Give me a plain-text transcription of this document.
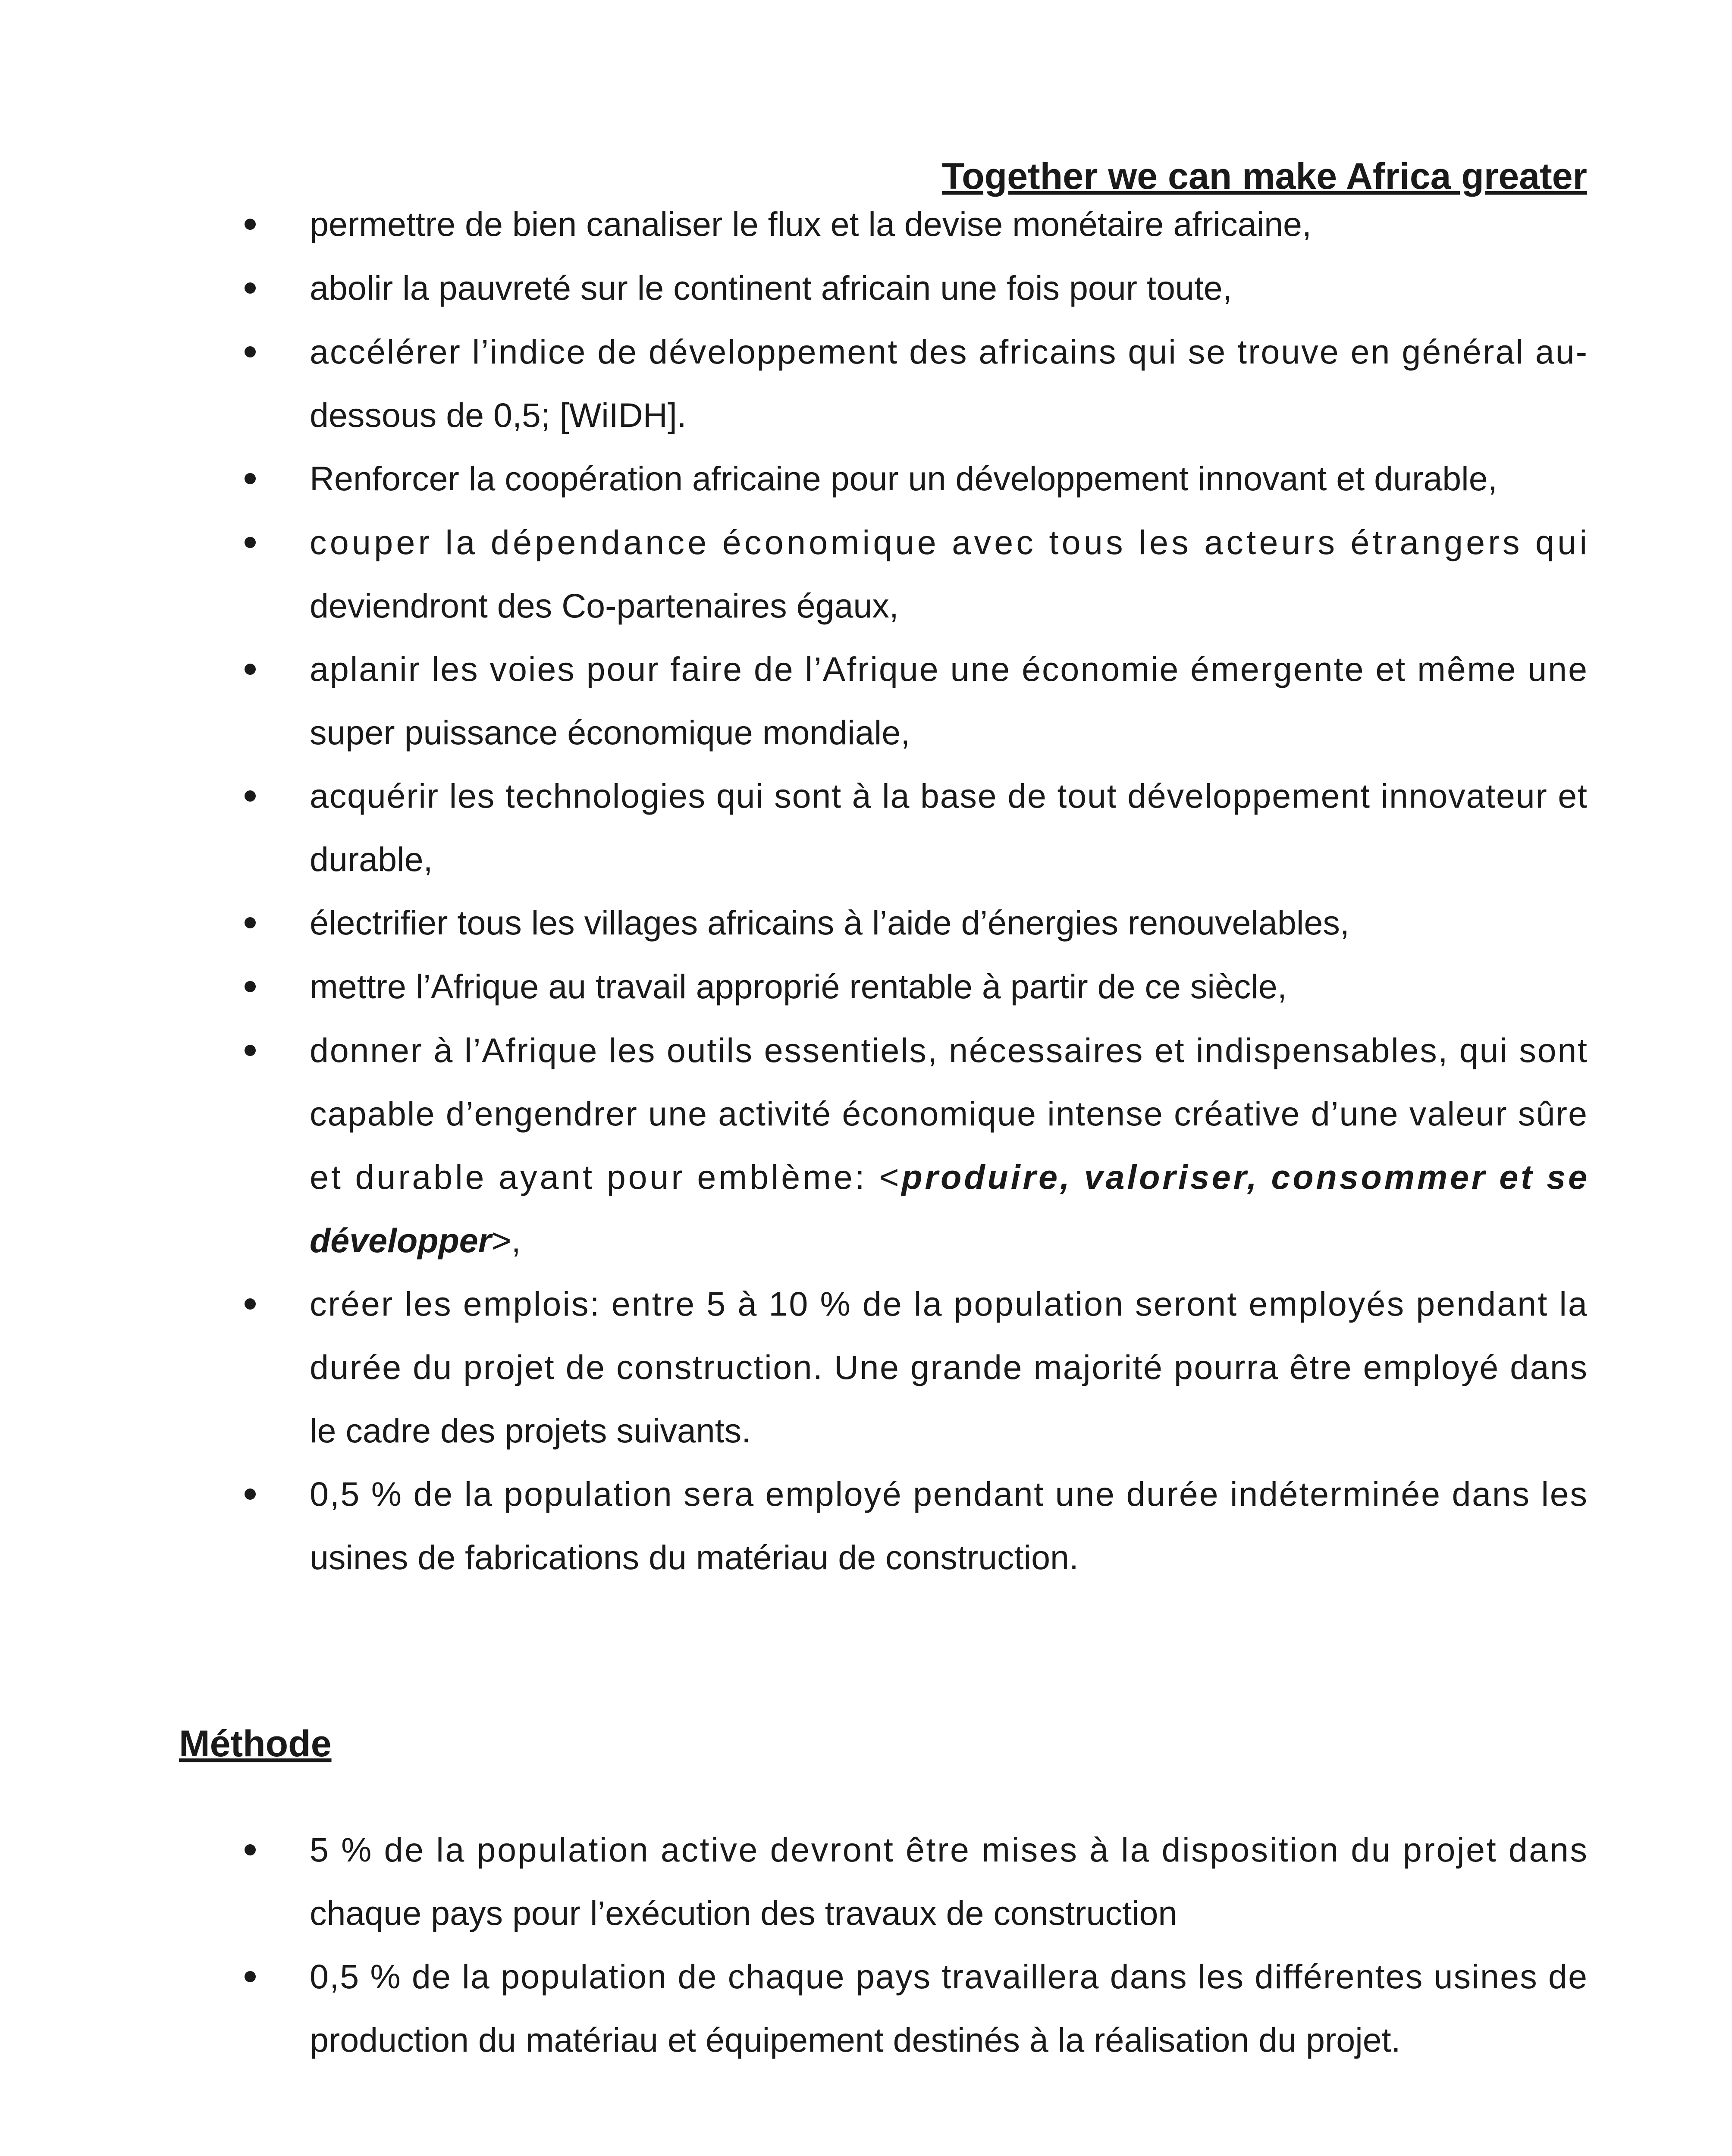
Together we can make Africa greater
permettre de bien canaliser le flux et la devise monétaire africaine,
abolir la pauvreté sur le continent africain une fois pour toute,
accélérer l’indice de développement des africains qui se trouve en général au-
dessous de 0,5; [WiIDH].
Renforcer la coopération africaine pour un développement innovant et durable,
couper la dépendance économique avec tous les acteurs étrangers qui
deviendront des Co-partenaires égaux,
aplanir les voies pour faire de l’Afrique une économie émergente et même une
super puissance économique mondiale,
acquérir les technologies qui sont à la base de tout développement innovateur et
durable,
électrifier tous les villages africains à l’aide d’énergies renouvelables,
mettre l’Afrique au travail approprié rentable à partir de ce siècle,
donner à l’Afrique les outils essentiels, nécessaires et indispensables, qui sont
capable d’engendrer une activité économique intense créative d’une valeur sûre
et durable ayant pour emblème: <produire, valoriser, consommer et se
développer>,
créer les emplois: entre 5 à 10 % de la population seront employés pendant la
durée du projet de construction. Une grande majorité pourra être employé dans
le cadre des projets suivants.
0,5 % de la population sera employé pendant une durée indéterminée dans les
usines de fabrications du matériau de construction.
Méthode
5 % de la population active devront être mises à la disposition du projet dans
chaque pays pour l’exécution des travaux de construction
0,5 % de la population de chaque pays travaillera dans les différentes usines de
production du matériau et équipement destinés à la réalisation du projet.
